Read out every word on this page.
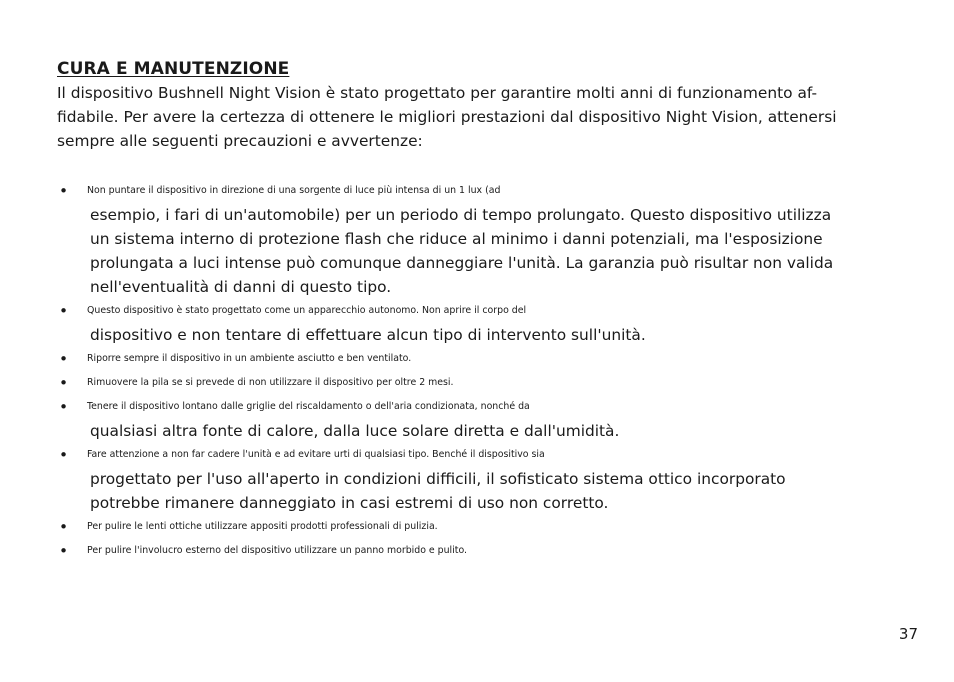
CURA E MANUTENZIONE

Il dispositivo Bushnell Night Vision è stato progettato per garantire molti anni di funzionamento af-
fidabile. Per avere la certezza di ottenere le migliori prestazioni dal dispositivo Night Vision, attenersi
sempre alle seguenti precauzioni e avvertenze:

• Non puntare il dispositivo in direzione di una sorgente di luce più intensa di un 1 lux (ad
esempio, i fari di un'automobile) per un periodo di tempo prolungato. Questo dispositivo utilizza
un sistema interno di protezione flash che riduce al minimo i danni potenziali, ma l'esposizione
prolungata a luci intense può comunque danneggiare l'unità. La garanzia può risultar non valida
nell'eventualità di danni di questo tipo.
• Questo dispositivo è stato progettato come un apparecchio autonomo. Non aprire il corpo del
dispositivo e non tentare di effettuare alcun tipo di intervento sull'unità.
• Riporre sempre il dispositivo in un ambiente asciutto e ben ventilato.
• Rimuovere la pila se si prevede di non utilizzare il dispositivo per oltre 2 mesi.
• Tenere il dispositivo lontano dalle griglie del riscaldamento o dell'aria condizionata, nonché da
qualsiasi altra fonte di calore, dalla luce solare diretta e dall'umidità.
• Fare attenzione a non far cadere l'unità e ad evitare urti di qualsiasi tipo. Benché il dispositivo sia
progettato per l'uso all'aperto in condizioni difficili, il sofisticato sistema ottico incorporato
potrebbe rimanere danneggiato in casi estremi di uso non corretto.
• Per pulire le lenti ottiche utilizzare appositi prodotti professionali di pulizia.
• Per pulire l'involucro esterno del dispositivo utilizzare un panno morbido e pulito.
37
